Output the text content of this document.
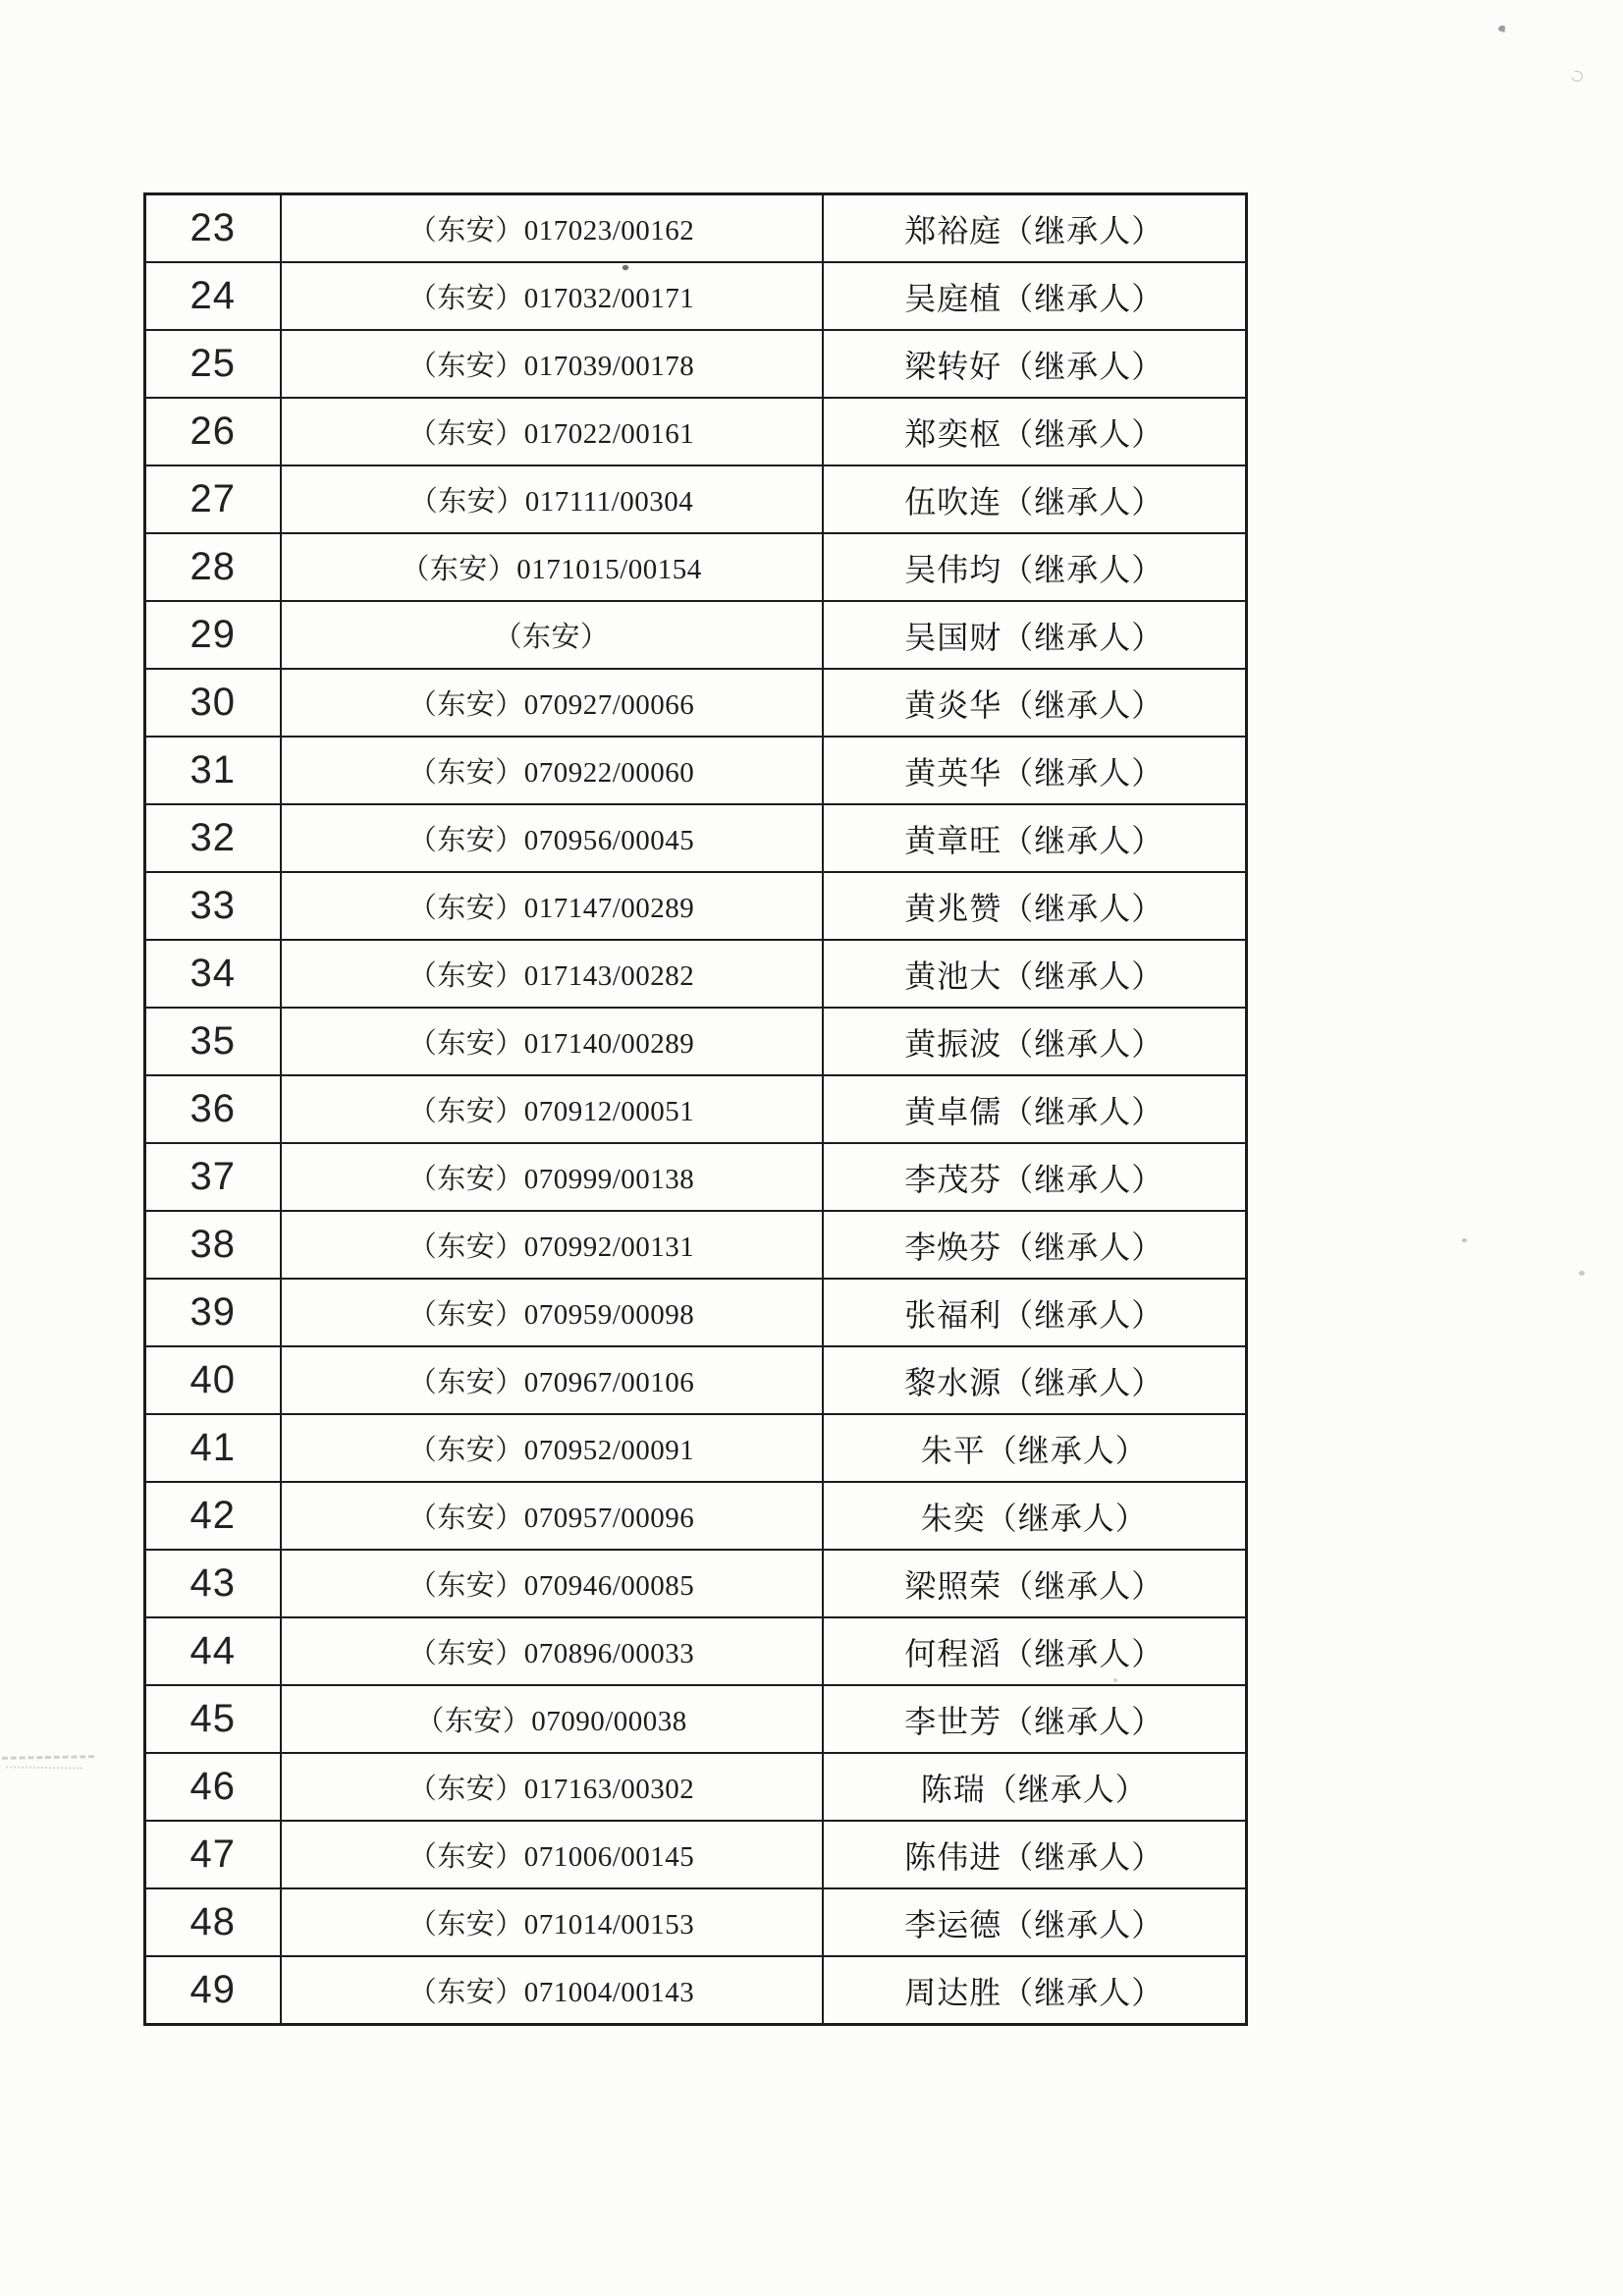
23	（东安）017023/00162	郑裕庭（继承人）
24	（东安）017032/00171	吴庭植（继承人）
25	（东安）017039/00178	梁转好（继承人）
26	（东安）017022/00161	郑奕枢（继承人）
27	（东安）017111/00304	伍吹连（继承人）
28	（东安）0171015/00154	吴伟均（继承人）
29	（东安）	吴国财（继承人）
30	（东安）070927/00066	黄炎华（继承人）
31	（东安）070922/00060	黄英华（继承人）
32	（东安）070956/00045	黄章旺（继承人）
33	（东安）017147/00289	黄兆赞（继承人）
34	（东安）017143/00282	黄池大（继承人）
35	（东安）017140/00289	黄振波（继承人）
36	（东安）070912/00051	黄卓儒（继承人）
37	（东安）070999/00138	李茂芬（继承人）
38	（东安）070992/00131	李焕芬（继承人）
39	（东安）070959/00098	张福利（继承人）
40	（东安）070967/00106	黎水源（继承人）
41	（东安）070952/00091	朱平（继承人）
42	（东安）070957/00096	朱奕（继承人）
43	（东安）070946/00085	梁照荣（继承人）
44	（东安）070896/00033	何程滔（继承人）
45	（东安）07090/00038	李世芳（继承人）
46	（东安）017163/00302	陈瑞（继承人）
47	（东安）071006/00145	陈伟进（继承人）
48	（东安）071014/00153	李运德（继承人）
49	（东安）071004/00143	周达胜（继承人）
